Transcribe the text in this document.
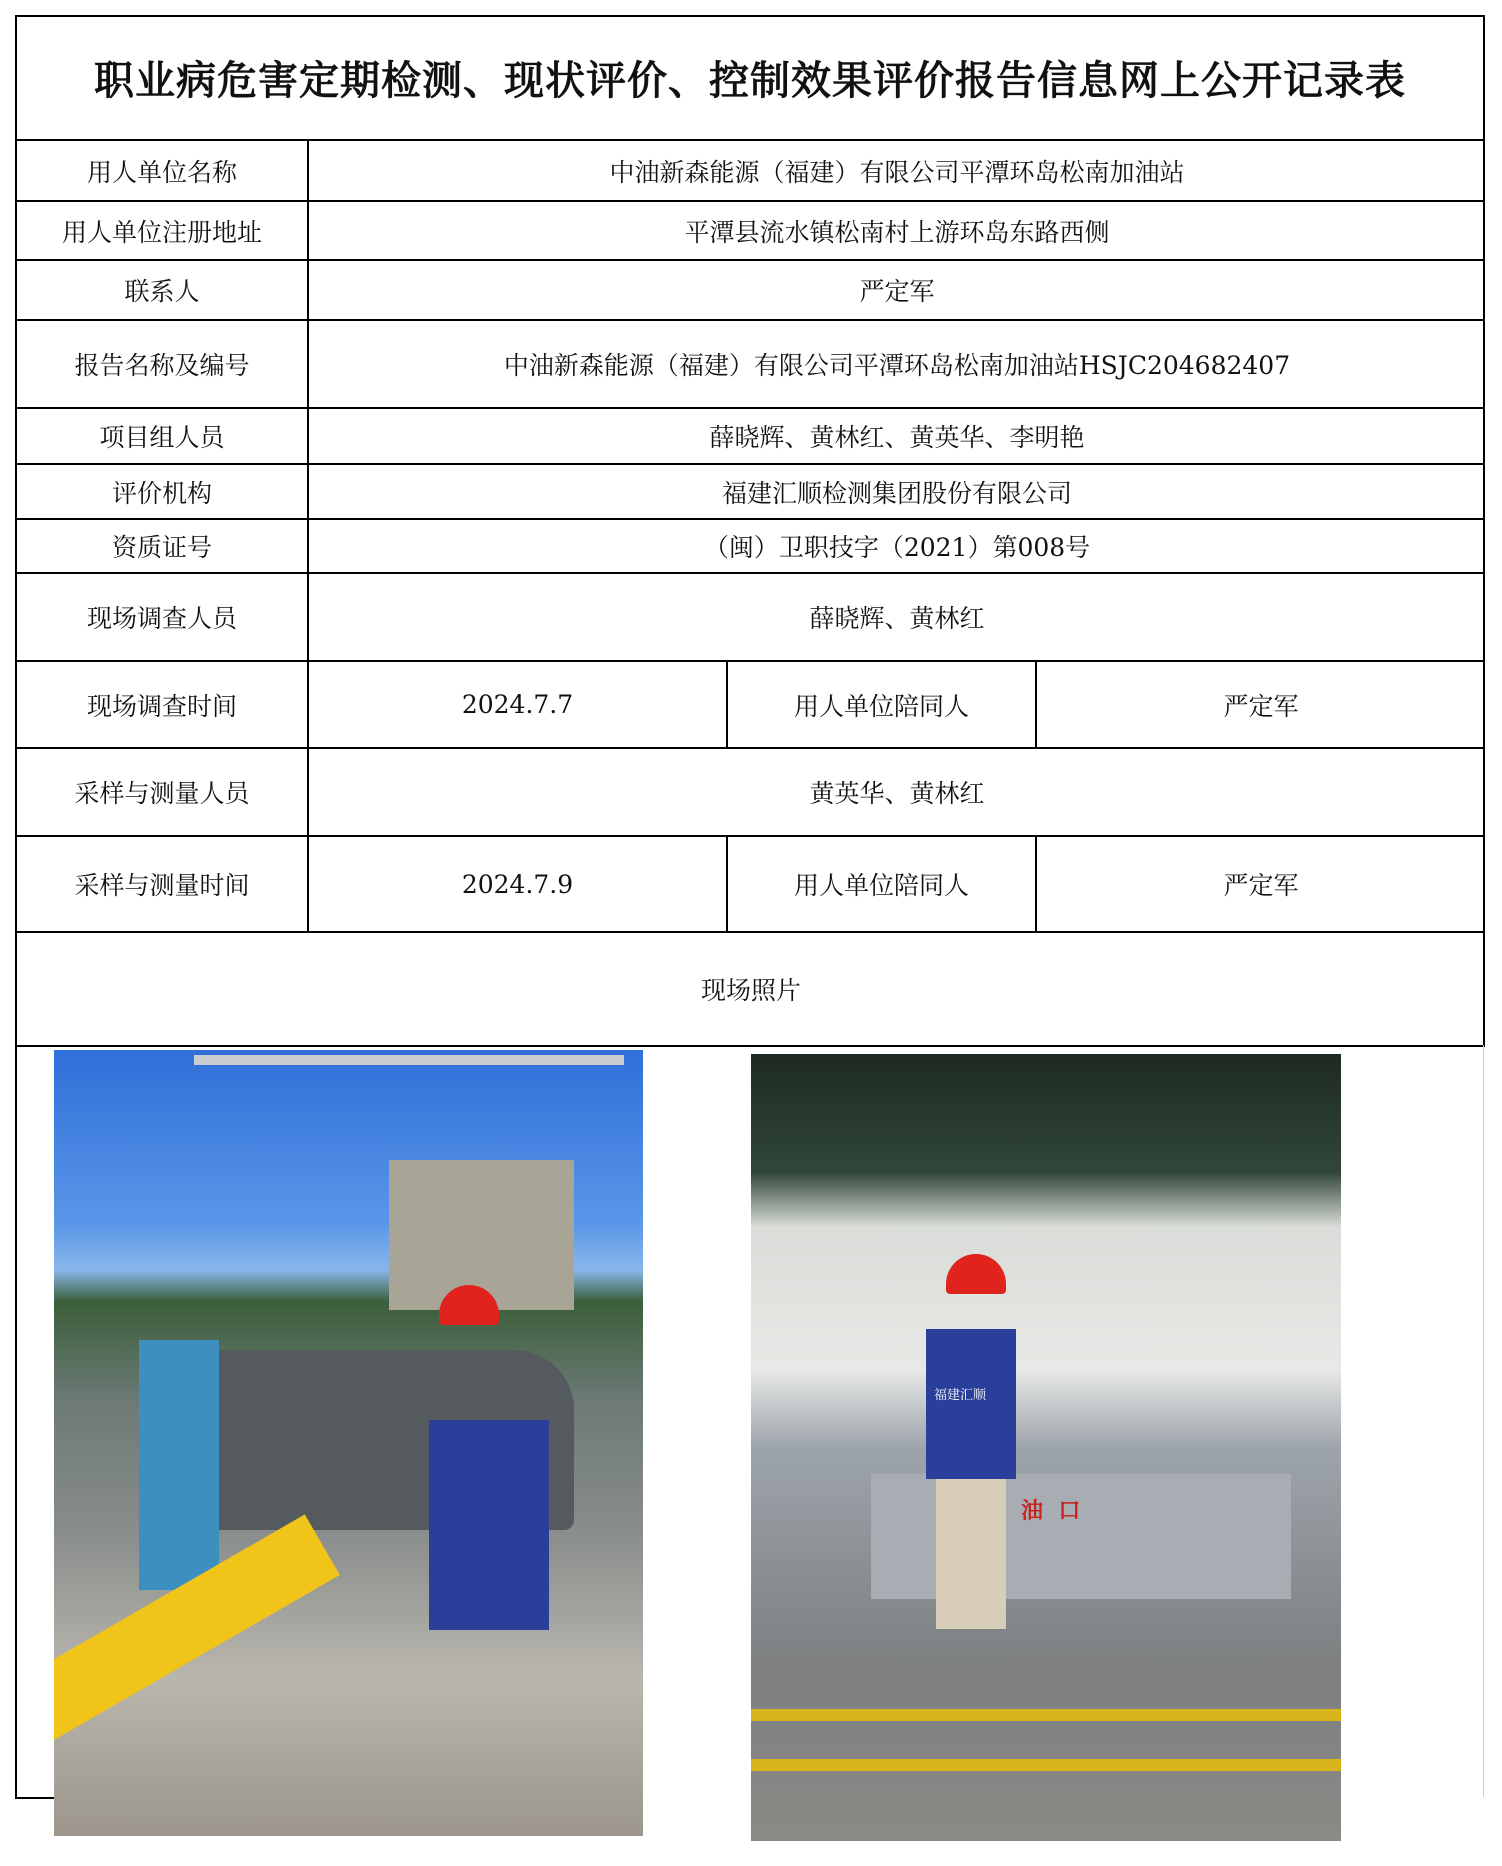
职业病危害定期检测、现状评价、控制效果评价报告信息网上公开记录表
用人单位名称	中油新森能源（福建）有限公司平潭环岛松南加油站
用人单位注册地址	平潭县流水镇松南村上游环岛东路西侧
联系人	严定军
报告名称及编号	中油新森能源（福建）有限公司平潭环岛松南加油站HSJC204682407
项目组人员	薛晓辉、黄林红、黄英华、李明艳
评价机构	福建汇顺检测集团股份有限公司
资质证号	（闽）卫职技字（2021）第008号
现场调查人员	薛晓辉、黄林红
现场调查时间	2024.7.7	用人单位陪同人	严定军
采样与测量人员	黄英华、黄林红
采样与测量时间	2024.7.9	用人单位陪同人	严定军
现场照片
油  口
福建汇顺
